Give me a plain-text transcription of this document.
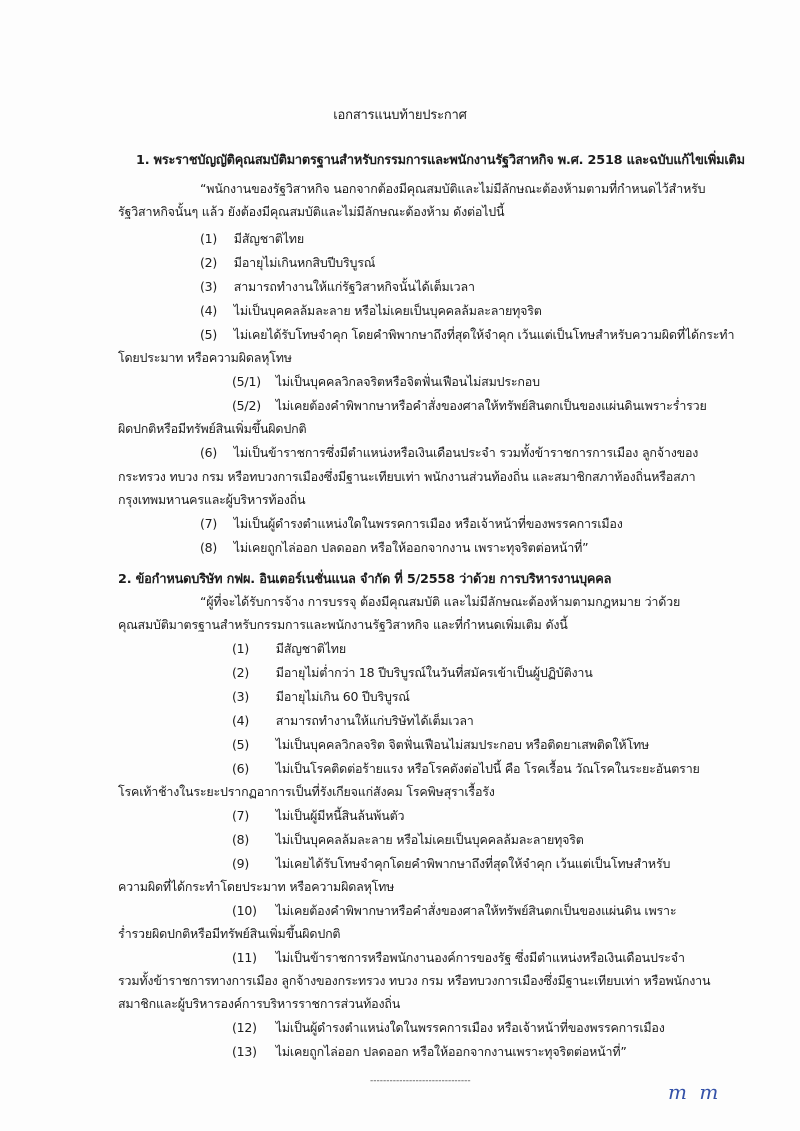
เอกสารแนบท้ายประกาศ
1. พระราชบัญญัติคุณสมบัติมาตรฐานสำหรับกรรมการและพนักงานรัฐวิสาหกิจ พ.ศ. 2518 และฉบับแก้ไขเพิ่มเติม
“พนักงานของรัฐวิสาหกิจ นอกจากต้องมีคุณสมบัติและไม่มีลักษณะต้องห้ามตามที่กำหนดไว้สำหรับ
รัฐวิสาหกิจนั้นๆ แล้ว ยังต้องมีคุณสมบัติและไม่มีลักษณะต้องห้าม ดังต่อไปนี้
(1) มีสัญชาติไทย
(2) มีอายุไม่เกินหกสิบปีบริบูรณ์
(3) สามารถทำงานให้แก่รัฐวิสาหกิจนั้นได้เต็มเวลา
(4) ไม่เป็นบุคคลล้มละลาย หรือไม่เคยเป็นบุคคลล้มละลายทุจริต
(5) ไม่เคยได้รับโทษจำคุก โดยคำพิพากษาถึงที่สุดให้จำคุก เว้นแต่เป็นโทษสำหรับความผิดที่ได้กระทำ
โดยประมาท หรือความผิดลหุโทษ
(5/1) ไม่เป็นบุคคลวิกลจริตหรือจิตฟั่นเฟือนไม่สมประกอบ
(5/2) ไม่เคยต้องคำพิพากษาหรือคำสั่งของศาลให้ทรัพย์สินตกเป็นของแผ่นดินเพราะร่ำรวย
ผิดปกติหรือมีทรัพย์สินเพิ่มขึ้นผิดปกติ
(6) ไม่เป็นข้าราชการซึ่งมีตำแหน่งหรือเงินเดือนประจำ รวมทั้งข้าราชการการเมือง ลูกจ้างของ
กระทรวง ทบวง กรม หรือทบวงการเมืองซึ่งมีฐานะเทียบเท่า พนักงานส่วนท้องถิ่น และสมาชิกสภาท้องถิ่นหรือสภา
กรุงเทพมหานครและผู้บริหารท้องถิ่น
(7) ไม่เป็นผู้ดำรงตำแหน่งใดในพรรคการเมือง หรือเจ้าหน้าที่ของพรรคการเมือง
(8) ไม่เคยถูกไล่ออก ปลดออก หรือให้ออกจากงาน เพราะทุจริตต่อหน้าที่”
2. ข้อกำหนดบริษัท กฟผ. อินเตอร์เนชั่นแนล จำกัด ที่ 5/2558 ว่าด้วย การบริหารงานบุคคล
“ผู้ที่จะได้รับการจ้าง การบรรจุ ต้องมีคุณสมบัติ และไม่มีลักษณะต้องห้ามตามกฎหมาย ว่าด้วย
คุณสมบัติมาตรฐานสำหรับกรรมการและพนักงานรัฐวิสาหกิจ และที่กำหนดเพิ่มเติม ดังนี้
(1) มีสัญชาติไทย
(2) มีอายุไม่ต่ำกว่า 18 ปีบริบูรณ์ในวันที่สมัครเข้าเป็นผู้ปฏิบัติงาน
(3) มีอายุไม่เกิน 60 ปีบริบูรณ์
(4) สามารถทำงานให้แก่บริษัทได้เต็มเวลา
(5) ไม่เป็นบุคคลวิกลจริต จิตฟั่นเฟือนไม่สมประกอบ หรือติดยาเสพติดให้โทษ
(6) ไม่เป็นโรคติดต่อร้ายแรง หรือโรคดังต่อไปนี้ คือ โรคเรื้อน วัณโรคในระยะอันตราย
โรคเท้าช้างในระยะปรากฏอาการเป็นที่รังเกียจแก่สังคม โรคพิษสุราเรื้อรัง
(7) ไม่เป็นผู้มีหนี้สินล้นพ้นตัว
(8) ไม่เป็นบุคคลล้มละลาย หรือไม่เคยเป็นบุคคลล้มละลายทุจริต
(9) ไม่เคยได้รับโทษจำคุกโดยคำพิพากษาถึงที่สุดให้จำคุก เว้นแต่เป็นโทษสำหรับ
ความผิดที่ได้กระทำโดยประมาท หรือความผิดลหุโทษ
(10) ไม่เคยต้องคำพิพากษาหรือคำสั่งของศาลให้ทรัพย์สินตกเป็นของแผ่นดิน เพราะ
ร่ำรวยผิดปกติหรือมีทรัพย์สินเพิ่มขึ้นผิดปกติ
(11) ไม่เป็นข้าราชการหรือพนักงานองค์การของรัฐ ซึ่งมีตำแหน่งหรือเงินเดือนประจำ
รวมทั้งข้าราชการทางการเมือง ลูกจ้างของกระทรวง ทบวง กรม หรือทบวงการเมืองซึ่งมีฐานะเทียบเท่า หรือพนักงาน
สมาชิกและผู้บริหารองค์การบริหารราชการส่วนท้องถิ่น
(12) ไม่เป็นผู้ดำรงตำแหน่งใดในพรรคการเมือง หรือเจ้าหน้าที่ของพรรคการเมือง
(13) ไม่เคยถูกไล่ออก ปลดออก หรือให้ออกจากงานเพราะทุจริตต่อหน้าที่”
-------------------------------	m m
